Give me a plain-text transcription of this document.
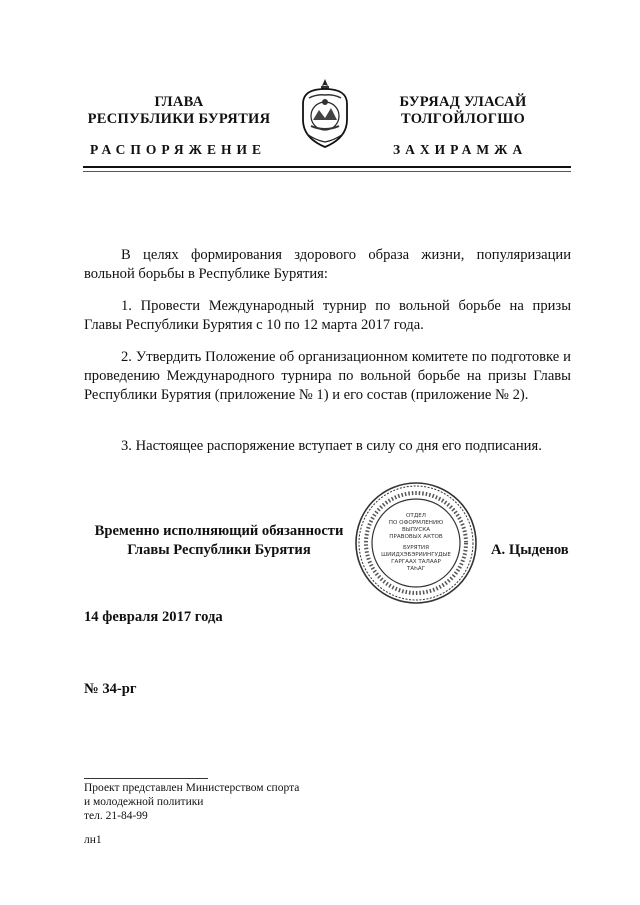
ГЛАВА
РЕСПУБЛИКИ БУРЯТИЯ
БУРЯАД УЛАСАЙ
ТОЛГОЙЛОГШО
РАСПОРЯЖЕНИЕ	ЗАХИРАМЖА
В целях формирования здорового образа жизни, популяризации вольной борьбы в Республике Бурятия:
1. Провести Международный турнир по вольной борьбе на призы Главы Республики Бурятия с 10 по 12 марта 2017 года.
2. Утвердить Положение об организационном комитете по подготовке и проведению Международного турнира по вольной борьбе на призы Главы Республики Бурятия (приложение № 1) и его состав (приложение № 2).
3. Настоящее распоряжение вступает в силу со дня его подписания.
Временно исполняющий обязанности
Главы Республики Бурятия
ОТДЕЛ
ПО ОФОРМЛЕНИЮ
ВЫПУСКА
ПРАВОВЫХ АКТОВ
БУРЯТИЯ
ШИИДХЭБЭРИИНГУДЫЕ
ГАРГААХ ТАЛААР
ТАҺАГ
А. Цыденов
14 февраля 2017 года
№ 34-рг
Проект представлен Министерством спорта
и молодежной политики
тел. 21-84-99
лн1
